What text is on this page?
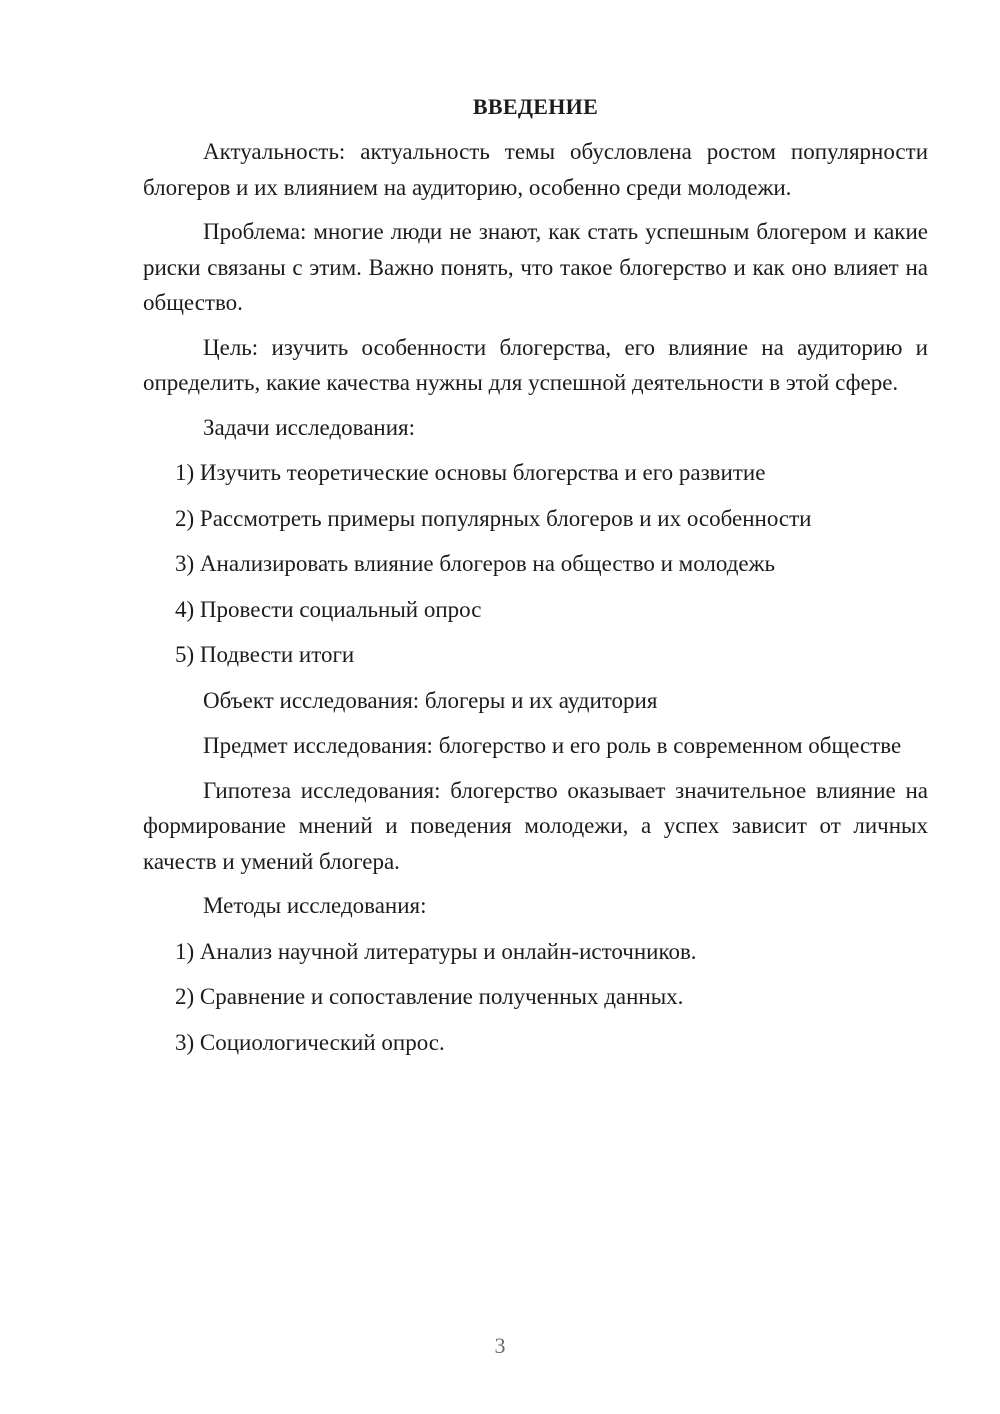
ВВЕДЕНИЕ

Актуальность: актуальность темы обусловлена ростом популярности блогеров и их влиянием на аудиторию, особенно среди молодежи.

Проблема: многие люди не знают, как стать успешным блогером и какие риски связаны с этим. Важно понять, что такое блогерство и как оно влияет на общество.

Цель: изучить особенности блогерства, его влияние на аудиторию и определить, какие качества нужны для успешной деятельности в этой сфере.

Задачи исследования:

1) Изучить теоретические основы блогерства и его развитие

2) Рассмотреть примеры популярных блогеров и их особенности

3) Анализировать влияние блогеров на общество и молодежь

4) Провести социальный опрос

5) Подвести итоги

Объект исследования: блогеры и их аудитория

Предмет исследования: блогерство и его роль в современном обществе

Гипотеза исследования: блогерство оказывает значительное влияние на формирование мнений и поведения молодежи, а успех зависит от личных качеств и умений блогера.

Методы исследования:

1) Анализ научной литературы и онлайн-источников.

2) Сравнение и сопоставление полученных данных.

3) Социологический опрос.

3
